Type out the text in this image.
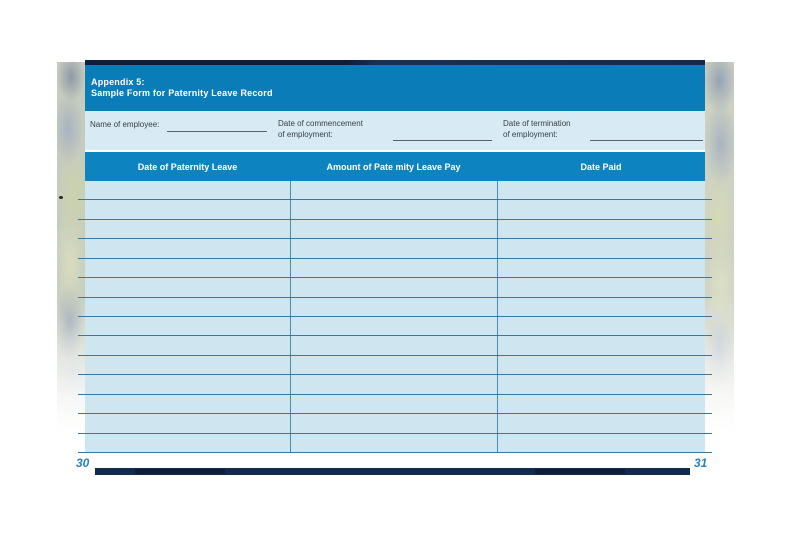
Appendix 5:
Sample Form for Paternity Leave Record
Name of employee:	Date of commencement
of employment:
Date of termination
of employment:
Date of Paternity Leave	Amount of Pate mity Leave Pay	Date Paid
30	31
